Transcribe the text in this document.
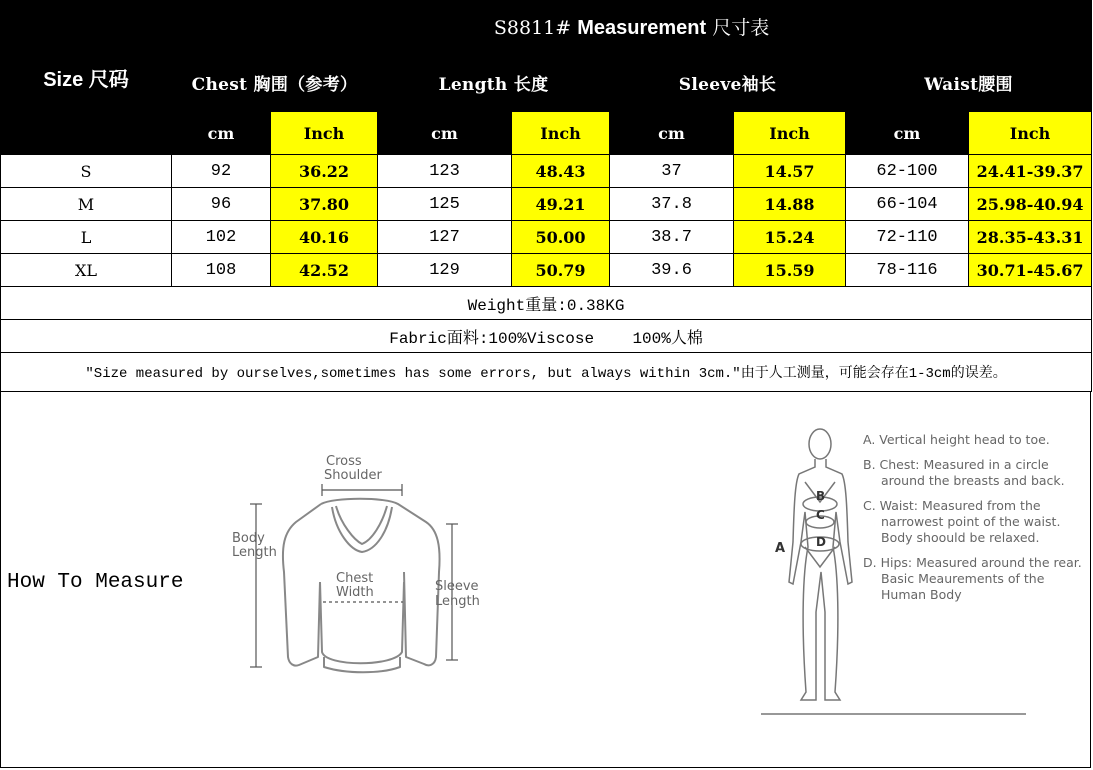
Size 尺码	S8811# Measurement 尺寸表							
	Chest 胸围（参考）		Length 长度		Sleeve袖长		Waist腰围	
	cm	Inch	cm	Inch	cm	Inch	cm	Inch
S	92	36.22	123	48.43	37	14.57	62-100	24.41-39.37
M	96	37.80	125	49.21	37.8	14.88	66-104	25.98-40.94
L	102	40.16	127	50.00	38.7	15.24	72-110	28.35-43.31
XL	108	42.52	129	50.79	39.6	15.59	78-116	30.71-45.67
Weight重量:0.38KG								
Fabric面料:100%Viscose    100%人棉								
"Size measured by ourselves,sometimes has some errors, but always within 3cm."由于人工测量，可能会存在1-3cm的误差。								
How To Measure
Cross
Shoulder
Body
Length
Chest
Width	Sleeve
Length
A
B
C
D

A. Vertical height head to toe.

B. Chest: Measured in a circle around the breasts and back.

C. Waist: Measured from the narrowest point of the waist. Body shoould be relaxed.

D. Hips: Measured around the rear. Basic Meaurements of the Human Body
